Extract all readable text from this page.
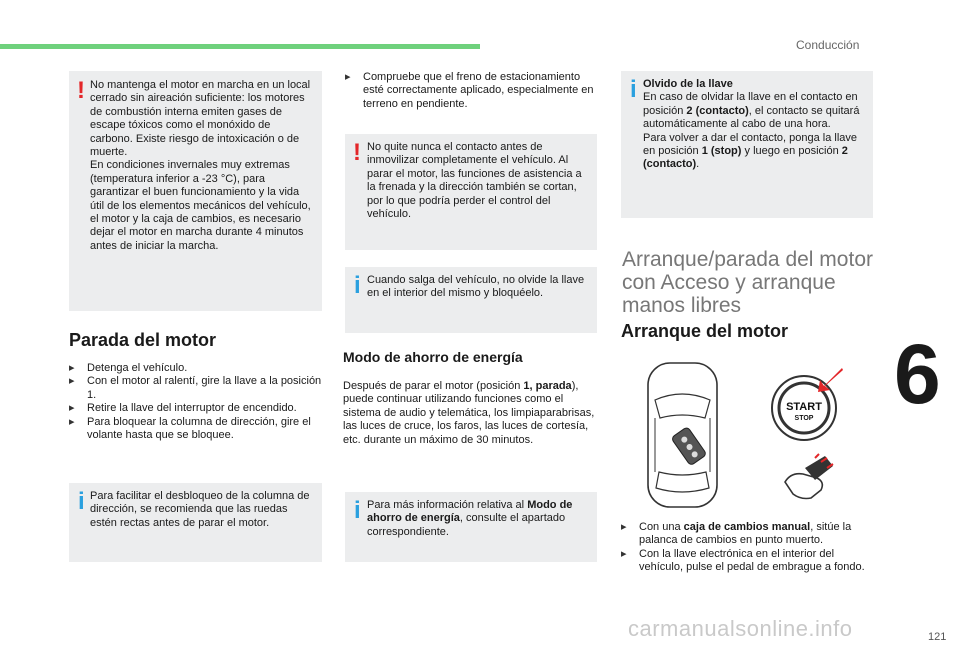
Conducción
6
! No mantenga el motor en marcha en un local cerrado sin aireación suficiente: los motores de combustión interna emiten gases de escape tóxicos como el monóxido de carbono. Existe riesgo de intoxicación o de muerte.
En condiciones invernales muy extremas (temperatura inferior a -23 °C), para garantizar el buen funcionamiento y la vida útil de los elementos mecánicos del vehículo, el motor y la caja de cambios, es necesario dejar el motor en marcha durante 4 minutos antes de iniciar la marcha.
Parada del motor
▸ Detenga el vehículo.
▸ Con el motor al ralentí, gire la llave a la posición 1.
▸ Retire la llave del interruptor de encendido.
▸ Para bloquear la columna de dirección, gire el volante hasta que se bloquee.
i Para facilitar el desbloqueo de la columna de dirección, se recomienda que las ruedas estén rectas antes de parar el motor.
▸ Compruebe que el freno de estacionamiento esté correctamente aplicado, especialmente en terreno en pendiente.
! No quite nunca el contacto antes de inmovilizar completamente el vehículo. Al parar el motor, las funciones de asistencia a la frenada y la dirección también se cortan, por lo que podría perder el control del vehículo.
i Cuando salga del vehículo, no olvide la llave en el interior del mismo y bloquéelo.
Modo de ahorro de energía
Después de parar el motor (posición 1, parada), puede continuar utilizando funciones como el sistema de audio y telemática, los limpiaparabrisas, las luces de cruce, los faros, las luces de cortesía, etc. durante un máximo de 30 minutos.
i Para más información relativa al Modo de ahorro de energía, consulte el apartado correspondiente.
i Olvido de la llave
En caso de olvidar la llave en el contacto en posición 2 (contacto), el contacto se quitará automáticamente al cabo de una hora.
Para volver a dar el contacto, ponga la llave en posición 1 (stop) y luego en posición 2 (contacto).
Arranque/parada del motor con Acceso y arranque manos libres
Arranque del motor
START
STOP
▸ Con una caja de cambios manual, sitúe la palanca de cambios en punto muerto.
▸ Con la llave electrónica en el interior del vehículo, pulse el pedal de embrague a fondo.
121
carmanualsonline.info
